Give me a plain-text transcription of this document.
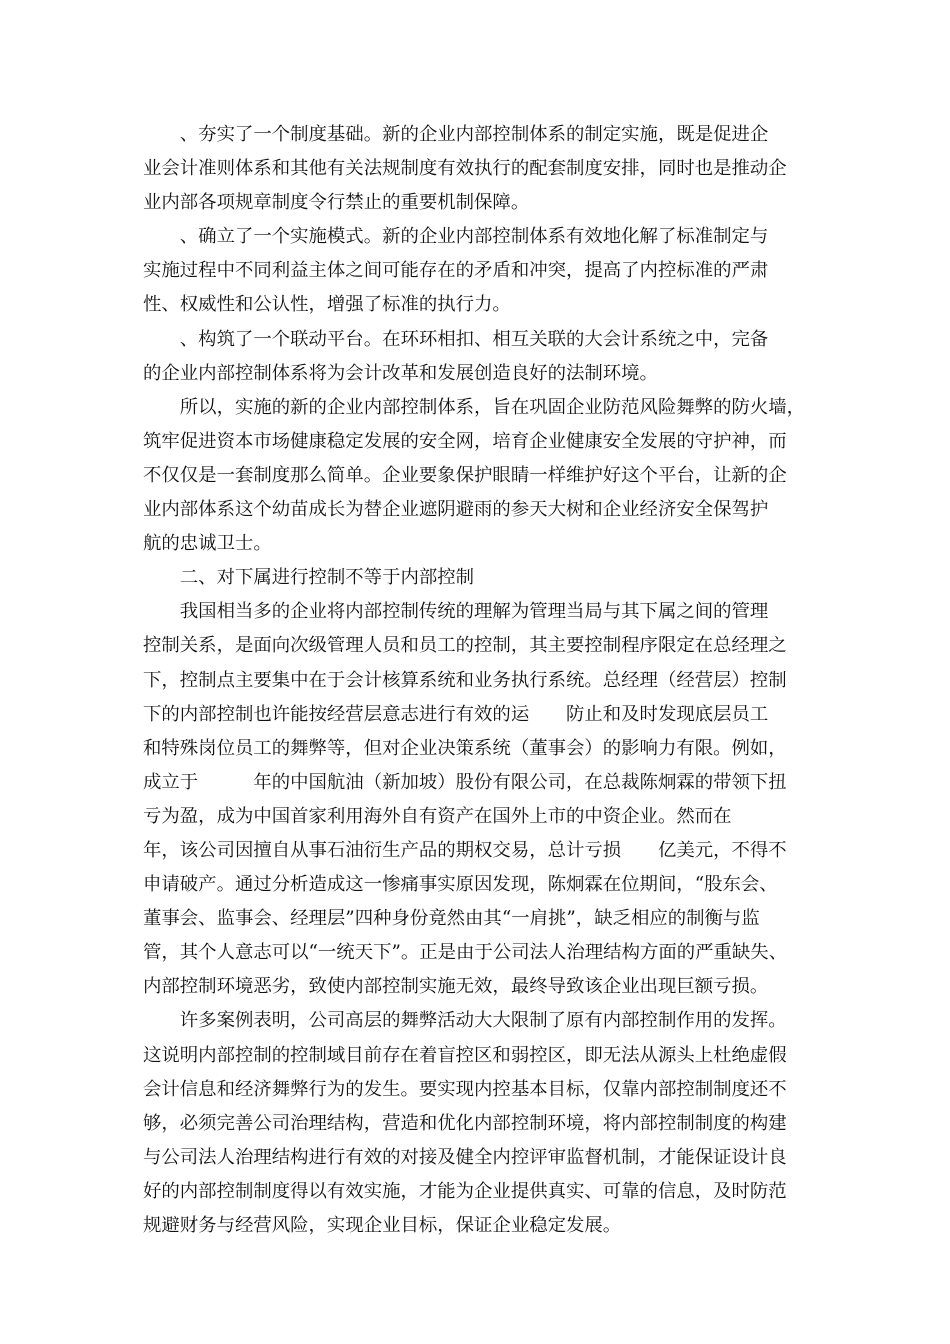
　　、夯实了一个制度基础。新的企业内部控制体系的制定实施，既是促进企
业会计准则体系和其他有关法规制度有效执行的配套制度安排，同时也是推动企
业内部各项规章制度令行禁止的重要机制保障。
　　、确立了一个实施模式。新的企业内部控制体系有效地化解了标准制定与
实施过程中不同利益主体之间可能存在的矛盾和冲突，提高了内控标准的严肃
性、权威性和公认性，增强了标准的执行力。
　　、构筑了一个联动平台。在环环相扣、相互关联的大会计系统之中，完备
的企业内部控制体系将为会计改革和发展创造良好的法制环境。
　　所以，实施的新的企业内部控制体系，旨在巩固企业防范风险舞弊的防火墙，
筑牢促进资本市场健康稳定发展的安全网，培育企业健康安全发展的守护神，而
不仅仅是一套制度那么简单。企业要象保护眼睛一样维护好这个平台，让新的企
业内部体系这个幼苗成长为替企业遮阴避雨的参天大树和企业经济安全保驾护
航的忠诚卫士。
　　二、对下属进行控制不等于内部控制
　　我国相当多的企业将内部控制传统的理解为管理当局与其下属之间的管理
控制关系，是面向次级管理人员和员工的控制，其主要控制程序限定在总经理之
下，控制点主要集中在于会计核算系统和业务执行系统。总经理（经营层）控制
下的内部控制也许能按经营层意志进行有效的运　　防止和及时发现底层员工
和特殊岗位员工的舞弊等，但对企业决策系统（董事会）的影响力有限。例如，
成立于　　　年的中国航油（新加坡）股份有限公司，在总裁陈炯霖的带领下扭
亏为盈，成为中国首家利用海外自有资产在国外上市的中资企业。然而在
年，该公司因擅自从事石油衍生产品的期权交易，总计亏损　　亿美元，不得不
申请破产。通过分析造成这一惨痛事实原因发现，陈炯霖在位期间，“股东会、
董事会、监事会、经理层”四种身份竟然由其“一肩挑”，缺乏相应的制衡与监
管，其个人意志可以“一统天下”。正是由于公司法人治理结构方面的严重缺失、
内部控制环境恶劣，致使内部控制实施无效，最终导致该企业出现巨额亏损。
　　许多案例表明，公司高层的舞弊活动大大限制了原有内部控制作用的发挥。
这说明内部控制的控制域目前存在着盲控区和弱控区，即无法从源头上杜绝虚假
会计信息和经济舞弊行为的发生。要实现内控基本目标，仅靠内部控制制度还不
够，必须完善公司治理结构，营造和优化内部控制环境，将内部控制制度的构建
与公司法人治理结构进行有效的对接及健全内控评审监督机制，才能保证设计良
好的内部控制制度得以有效实施，才能为企业提供真实、可靠的信息，及时防范
规避财务与经营风险，实现企业目标，保证企业稳定发展。
